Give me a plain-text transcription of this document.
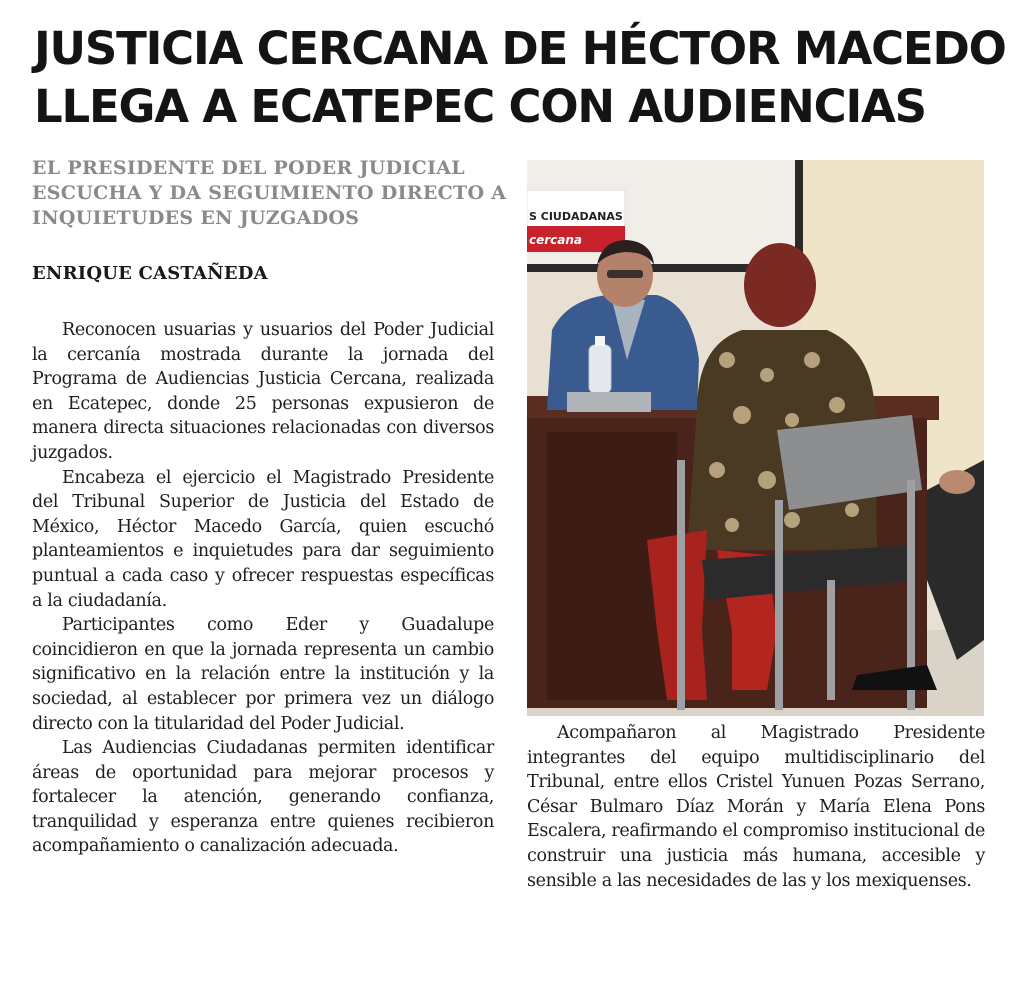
JUSTICIA CERCANA DE HÉCTOR MACEDO
LLEGA A ECATEPEC CON AUDIENCIAS
EL PRESIDENTE DEL PODER JUDICIAL
ESCUCHA Y DA SEGUIMIENTO DIRECTO A
INQUIETUDES EN JUZGADOS
ENRIQUE CASTAÑEDA

Reconocen usuarias y usuarios del Poder Judicial la cercanía mostrada durante la jornada del Programa de Audiencias Justicia Cercana, realizada en Ecatepec, donde 25 personas expusieron de manera directa situaciones relacionadas con diversos juzgados.

Encabeza el ejercicio el Magistrado Presidente del Tribunal Superior de Justicia del Estado de México, Héctor Macedo García, quien escuchó planteamientos e inquietudes para dar seguimiento puntual a cada caso y ofrecer respuestas específicas a la ciudadanía.

Participantes como Eder y Guadalupe coincidieron en que la jornada representa un cambio significativo en la relación entre la institución y la sociedad, al establecer por primera vez un diálogo directo con la titularidad del Poder Judicial.

Las Audiencias Ciudadanas permiten identificar áreas de oportunidad para mejorar procesos y fortalecer la atención, generando confianza, tranquilidad y esperanza entre quienes recibieron acompañamiento o canalización adecuada.

S CIUDADANAS
cercana

Acompañaron al Magistrado Presidente integrantes del equipo multidisciplinario del Tribunal, entre ellos Cristel Yunuen Pozas Serrano, César Bulmaro Díaz Morán y María Elena Pons Escalera, reafirmando el compromiso institucional de construir una justicia más humana, accesible y sensible a las necesidades de las y los mexiquenses.
